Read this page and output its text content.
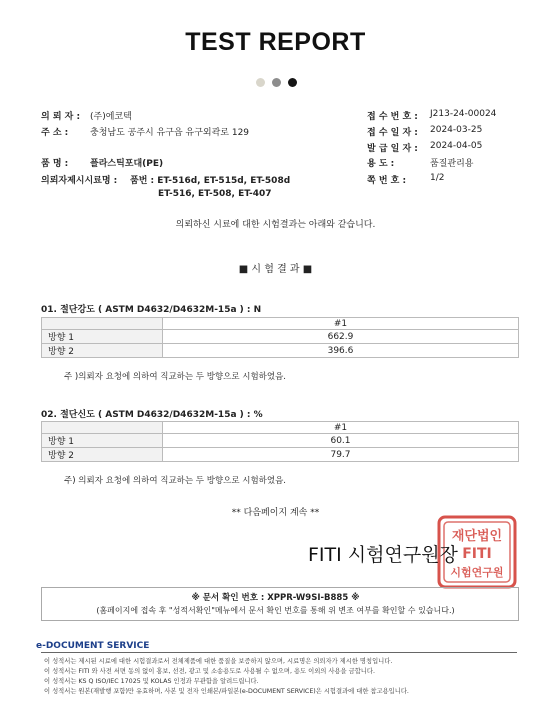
TEST REPORT
의 뢰 자 : (주)에코텍
주 소 : 충청남도 공주시 유구읍 유구외곽로 129
품 명 : 플라스틱포대(PE)
의뢰자제시시료명 : 품번 : ET-516d, ET-515d, ET-508d
ET-516, ET-508, ET-407
접 수 번 호 : J213-24-00024
접 수 일 자 : 2024-03-25
발 급 일 자 : 2024-04-05
용 도 :	품질관리용
쪽 번 호 :	1/2
의뢰하신 시료에 대한 시험결과는 아래와 같습니다.
■ 시 험 결 과 ■
01. 절단강도 ( ASTM D4632/D4632M-15a ) : N
	#1
방향 1	662.9
방향 2	396.6
주 )의뢰자 요청에 의하여 직교하는 두 방향으로 시험하였음.
02. 절단신도 ( ASTM D4632/D4632M-15a ) : %
	#1
방향 1	60.1
방향 2	79.7
주) 의뢰자 요청에 의하여 직교하는 두 방향으로 시험하였음.
** 다음페이지 계속 **
재단법인
FITI
시험연구원
FITI 시험연구원장
※ 문서 확인 번호 : XPPR-W9SI-B885 ※
(홈페이지에 접속 후 "성적서확인"메뉴에서 문서 확인 번호를 통해 위 변조 여부를 확인할 수 있습니다.)
e-DOCUMENT SERVICE
이 성적서는 제시된 시료에 대한 시험결과로서 전체제품에 대한 품질을 보증하지 않으며, 시료명은 의뢰자가 제시한 명칭입니다.
이 성적서는 FITI 와 사전 서면 동의 없이 홍보, 선전, 광고 및 소송용도로 사용될 수 없으며, 용도 이외의 사용을 금합니다.
이 성적서는 KS Q ISO/IEC 17025 및 KOLAS 인정과 무관함을 알려드립니다.
이 성적서는 원본(재발행 포함)만 유효하며, 사본 및 전자 인쇄본/파일본(e-DOCUMENT SERVICE)은 시험결과에 대한 참고용입니다.
